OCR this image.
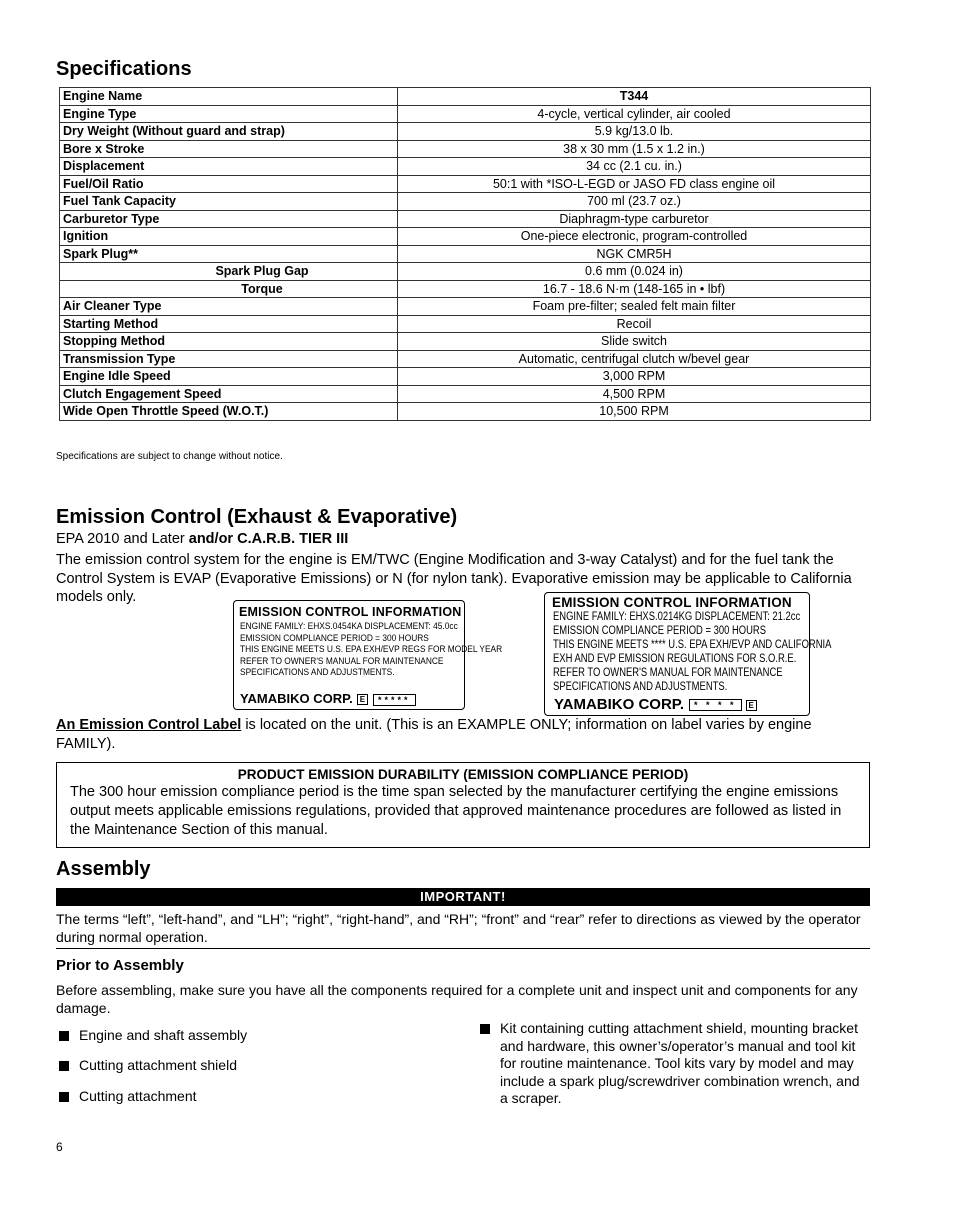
Specifications
Engine Name	T344
Engine Type	4-cycle, vertical cylinder, air cooled
Dry Weight (Without guard and strap)	5.9 kg/13.0 lb.
Bore x Stroke	38 x 30 mm (1.5 x 1.2 in.)
Displacement	34 cc (2.1 cu. in.)
Fuel/Oil Ratio	50:1 with *ISO-L-EGD or JASO FD class engine oil
Fuel Tank Capacity	700 ml (23.7 oz.)
Carburetor Type	Diaphragm-type carburetor
Ignition	One-piece electronic, program-controlled
Spark Plug**	NGK CMR5H
Spark Plug Gap	0.6 mm (0.024 in)
Torque	16.7 - 18.6 N·m (148-165 in • lbf)
Air Cleaner Type	Foam pre-filter; sealed felt main filter
Starting Method	Recoil
Stopping Method	Slide switch
Transmission Type	Automatic, centrifugal clutch w/bevel gear
Engine Idle Speed	3,000 RPM
Clutch Engagement Speed	4,500 RPM
Wide Open Throttle Speed (W.O.T.)	10,500 RPM
Specifications are subject to change without notice.
Emission Control (Exhaust & Evaporative)
EPA 2010 and Later and/or C.A.R.B. TIER III
The emission control system for the engine is EM/TWC (Engine Modification and 3-way Catalyst) and for the fuel tank the Control System is EVAP (Evaporative Emissions) or N (for nylon tank). Evaporative emission may be applicable to California models only.
EMISSION CONTROL INFORMATION
ENGINE FAMILY: EHXS.0454KA DISPLACEMENT: 45.0cc
EMISSION COMPLIANCE PERIOD = 300 HOURS
THIS ENGINE MEETS U.S. EPA EXH/EVP REGS FOR MODEL YEAR
REFER TO OWNER'S MANUAL FOR MAINTENANCE
SPECIFICATIONS AND ADJUSTMENTS.
YAMABIKO CORP. E *****
EMISSION CONTROL INFORMATION
ENGINE FAMILY: EHXS.0214KG DISPLACEMENT: 21.2cc
EMISSION COMPLIANCE PERIOD = 300 HOURS
THIS ENGINE MEETS **** U.S. EPA EXH/EVP AND CALIFORNIA
EXH AND EVP EMISSION REGULATIONS FOR S.O.R.E.
REFER TO OWNER'S MANUAL FOR MAINTENANCE
SPECIFICATIONS AND ADJUSTMENTS.
YAMABIKO CORP. * * * * E
An Emission Control Label is located on the unit. (This is an EXAMPLE ONLY; information on label varies by engine FAMILY).
PRODUCT EMISSION DURABILITY (EMISSION COMPLIANCE PERIOD)
The 300 hour emission compliance period is the time span selected by the manufacturer certifying the engine emissions output meets applicable emissions regulations, provided that approved maintenance procedures are followed as listed in the Maintenance Section of this manual.
Assembly
IMPORTANT!
The terms “left”, “left-hand”, and “LH”; “right”, “right-hand”, and “RH”; “front” and “rear” refer to directions as viewed by the operator during normal operation.
Prior to Assembly
Before assembling, make sure you have all the components required for a complete unit and inspect unit and components for any damage.
Engine and shaft assembly
Cutting attachment shield
Cutting attachment
Kit containing cutting attachment shield, mounting bracket and hardware, this owner’s/operator’s manual and tool kit for routine maintenance. Tool kits vary by model and may include a spark plug/screwdriver combination wrench, and a scraper.
6
